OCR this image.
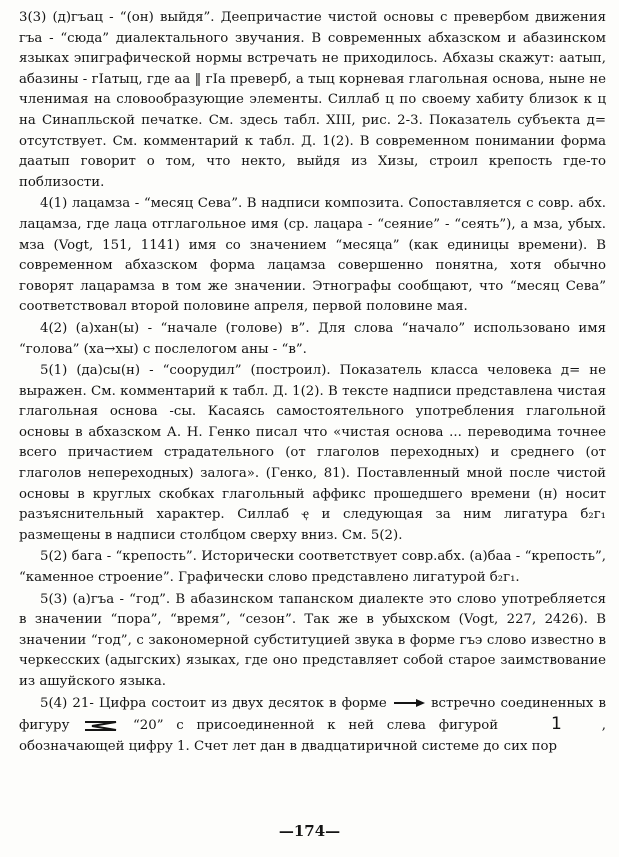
3(3) (д)гъац - “(он) выйдя”. Деепричастие чистой основы с превербом движения гъа - “сюда” диалектального звучания. В современных абхазском и абазинском языках эпиграфической нормы встречать не приходилось. Абхазы скажут: аатып, абазины - гІатыц, где аа ‖ гІа преверб, а тыц корневая глагольная основа, ныне не членимая на словообразующие элементы. Силлаб ц по своему хабиту близок к ц на Синапльской печатке. См. здесь табл. XIII, рис. 2-3. Показатель субъекта д= отсутствует. См. комментарий к табл. Д. 1(2). В современном понимании форма даатып говорит о том, что некто, выйдя из Хизы, строил крепость где-то поблизости.

4(1) лацамза - “месяц Сева”. В надписи композита. Сопоставляется с совр. абх. лацамза, где лаца отглагольное имя (ср. лацара - “сеяние” - “сеять”), а мза, убых. мза (Vogt, 151, 1141) имя со значением “месяца” (как единицы времени). В современном абхазском форма лацамза совершенно понятна, хотя обычно говорят лацарамза в том же значении. Этнографы сообщают, что “месяц Сева” соответствовал второй половине апреля, первой половине мая.

4(2) (а)хан(ы) - “начале (голове) в”. Для слова “начало” использовано имя “голова” (ха→хы) с послелогом аны - “в”.

5(1) (да)сы(н) - “соорудил” (построил). Показатель класса человека д= не выражен. См. комментарий к табл. Д. 1(2). В тексте надписи представлена чистая глагольная основа -сы. Касаясь самостоятельного употребления глагольной основы в абхазском А. Н. Генко писал что «чистая основа ... переводима точнее всего причастием страдательного (от глаголов переходных) и среднего (от глаголов непереходных) залога». (Генко, 81). Поставленный мной после чистой основы в круглых скобках глагольный аффикс прошедшего времени (н) носит разъяснительный характер. Силлаб ҿ и следующая за ним лигатура б₂г₁ размещены в надписи столбцом сверху вниз. См. 5(2).

5(2) бага - “крепость”. Исторически соответствует совр.абх. (а)баа - “крепость”, “каменное строение”. Графически слово представлено лигатурой б₂г₁.

5(3) (а)гъа - “год”. В абазинском тапанском диалекте это слово употребляется в значении “пора”, “время”, “сезон”. Так же в убыхском (Vogt, 227, 2426). В значении “год”, с закономерной субституцией звука в форме гъэ слово известно в черкесских (адыгских) языках, где оно представляет собой старое заимствование из ашуйского языка.

5(4) 21- Цифра состоит из двух десяток в форме	встречно соединенных в фигуру	“20” с присоединенной к ней слева фигурой 1	, обозначающей цифру 1. Счет лет дан в двадцатиричной системе до сих пор

—174—
